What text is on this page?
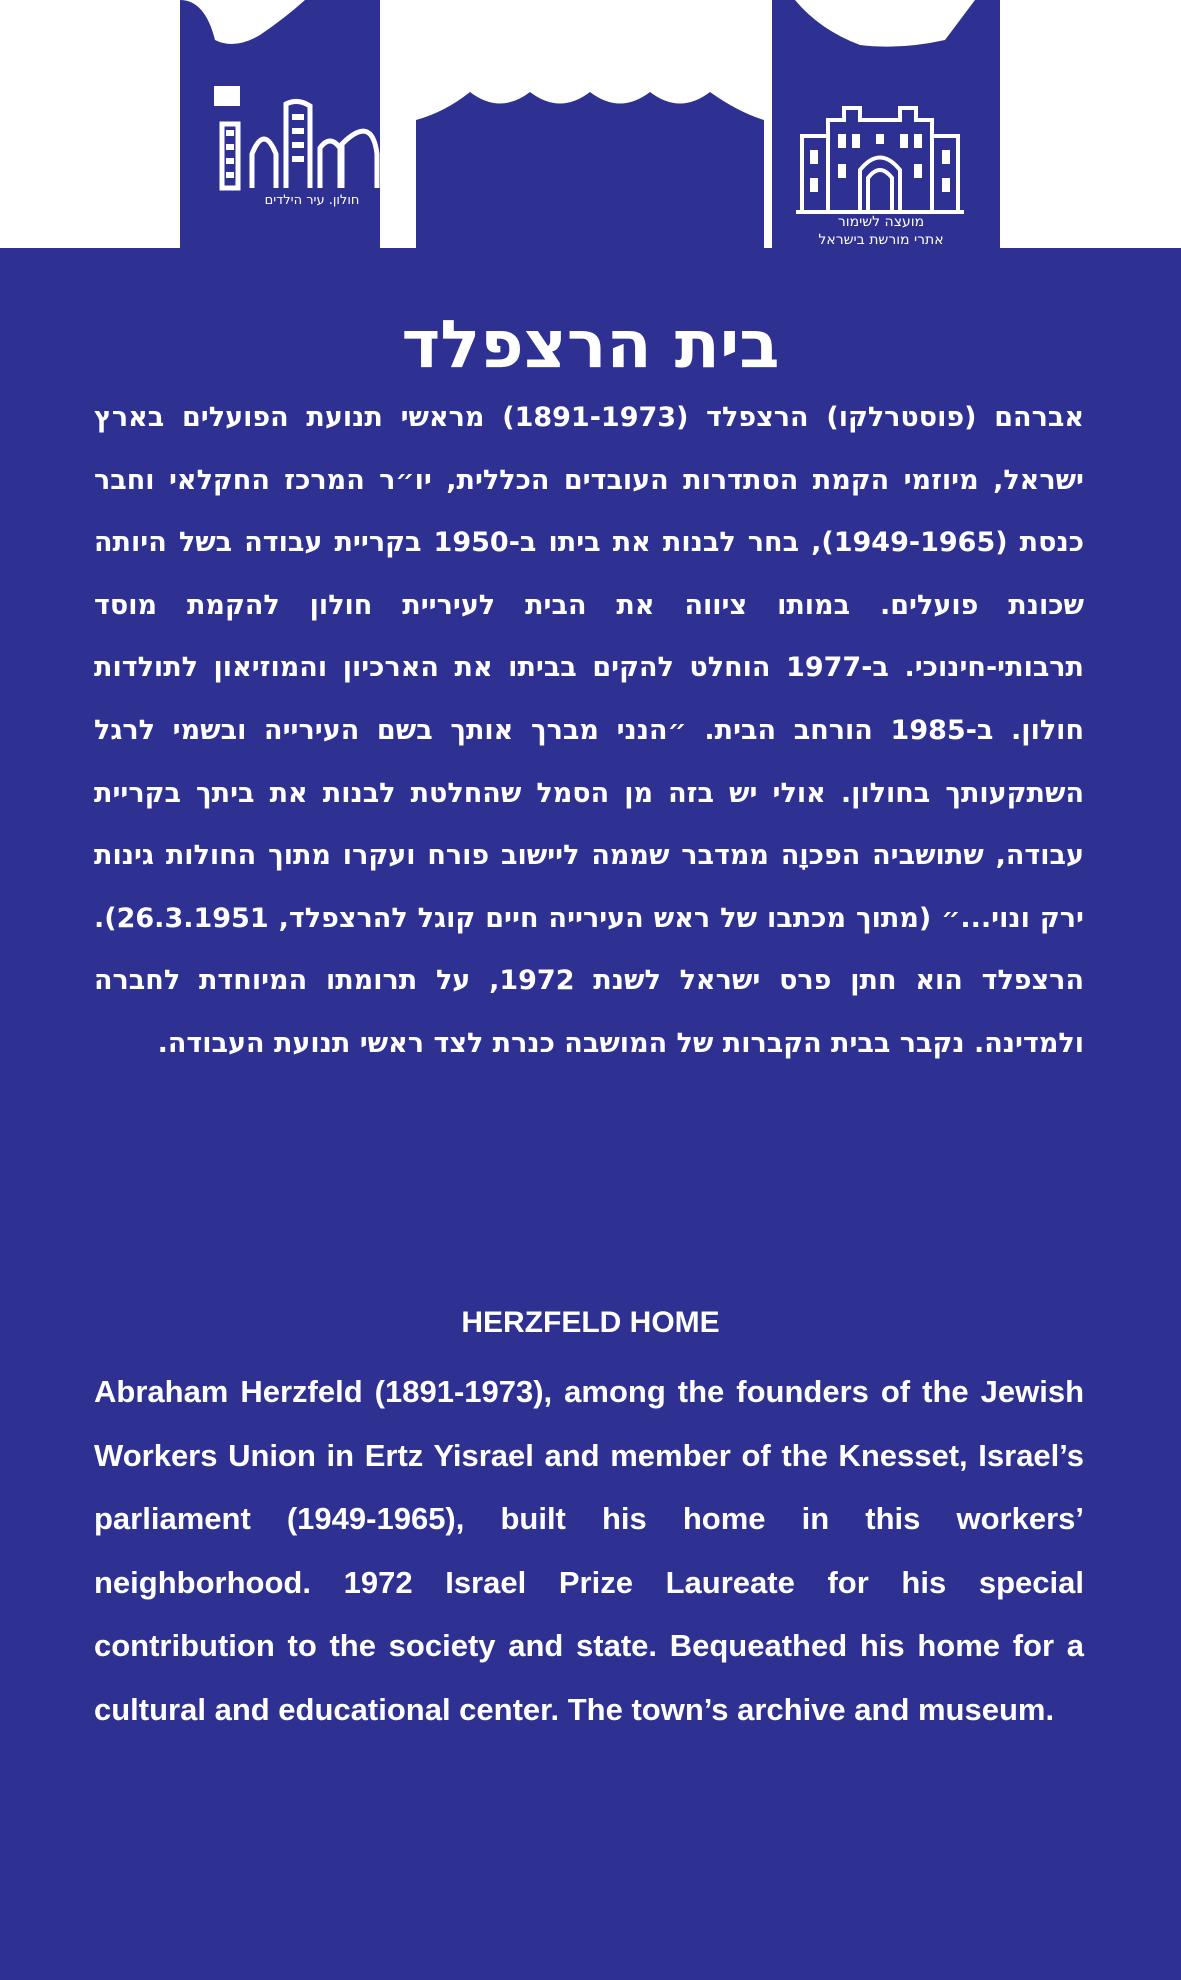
חולון. עיר הילדים
מועצה לשימור
אתרי מורשת בישראל
בית הרצפלד

אברהם (פוסטרלקו) הרצפלד (1891-1973) מראשי תנועת הפועלים בארץ ישראל, מיוזמי הקמת הסתדרות העובדים הכללית, יו״ר המרכז החקלאי וחבר כנסת (1949-1965), בחר לבנות את ביתו ב-1950 בקריית עבודה בשל היותה שכונת פועלים. במותו ציווה את הבית לעיריית חולון להקמת מוסד תרבותי-חינוכי. ב-1977 הוחלט להקים בביתו את הארכיון והמוזיאון לתולדות חולון. ב-1985 הורחב הבית. ״הנני מברך אותך בשם העירייה ובשמי לרגל השתקעותך בחולון. אולי יש בזה מן הסמל שהחלטת לבנות את ביתך בקריית עבודה, שתושביה הפכוָה ממדבר שממה ליישוב פורח ועקרו מתוך החולות גינות ירק ונוי...״ (מתוך מכתבו של ראש העירייה חיים קוגל להרצפלד, 26.3.1951). הרצפלד הוא חתן פרס ישראל לשנת 1972, על תרומתו המיוחדת לחברה ולמדינה. נקבר בבית הקברות של המושבה כנרת לצד ראשי תנועת העבודה.

HERZFELD HOME

Abraham Herzfeld (1891-1973), among the founders of the Jewish Workers Union in Ertz Yisrael and member of the Knesset, Israel’s parliament (1949-1965), built his home in this workers’ neighborhood. 1972 Israel Prize Laureate for his special contribution to the society and state. Bequeathed his home for a cultural and educational center. The town’s archive and museum.
